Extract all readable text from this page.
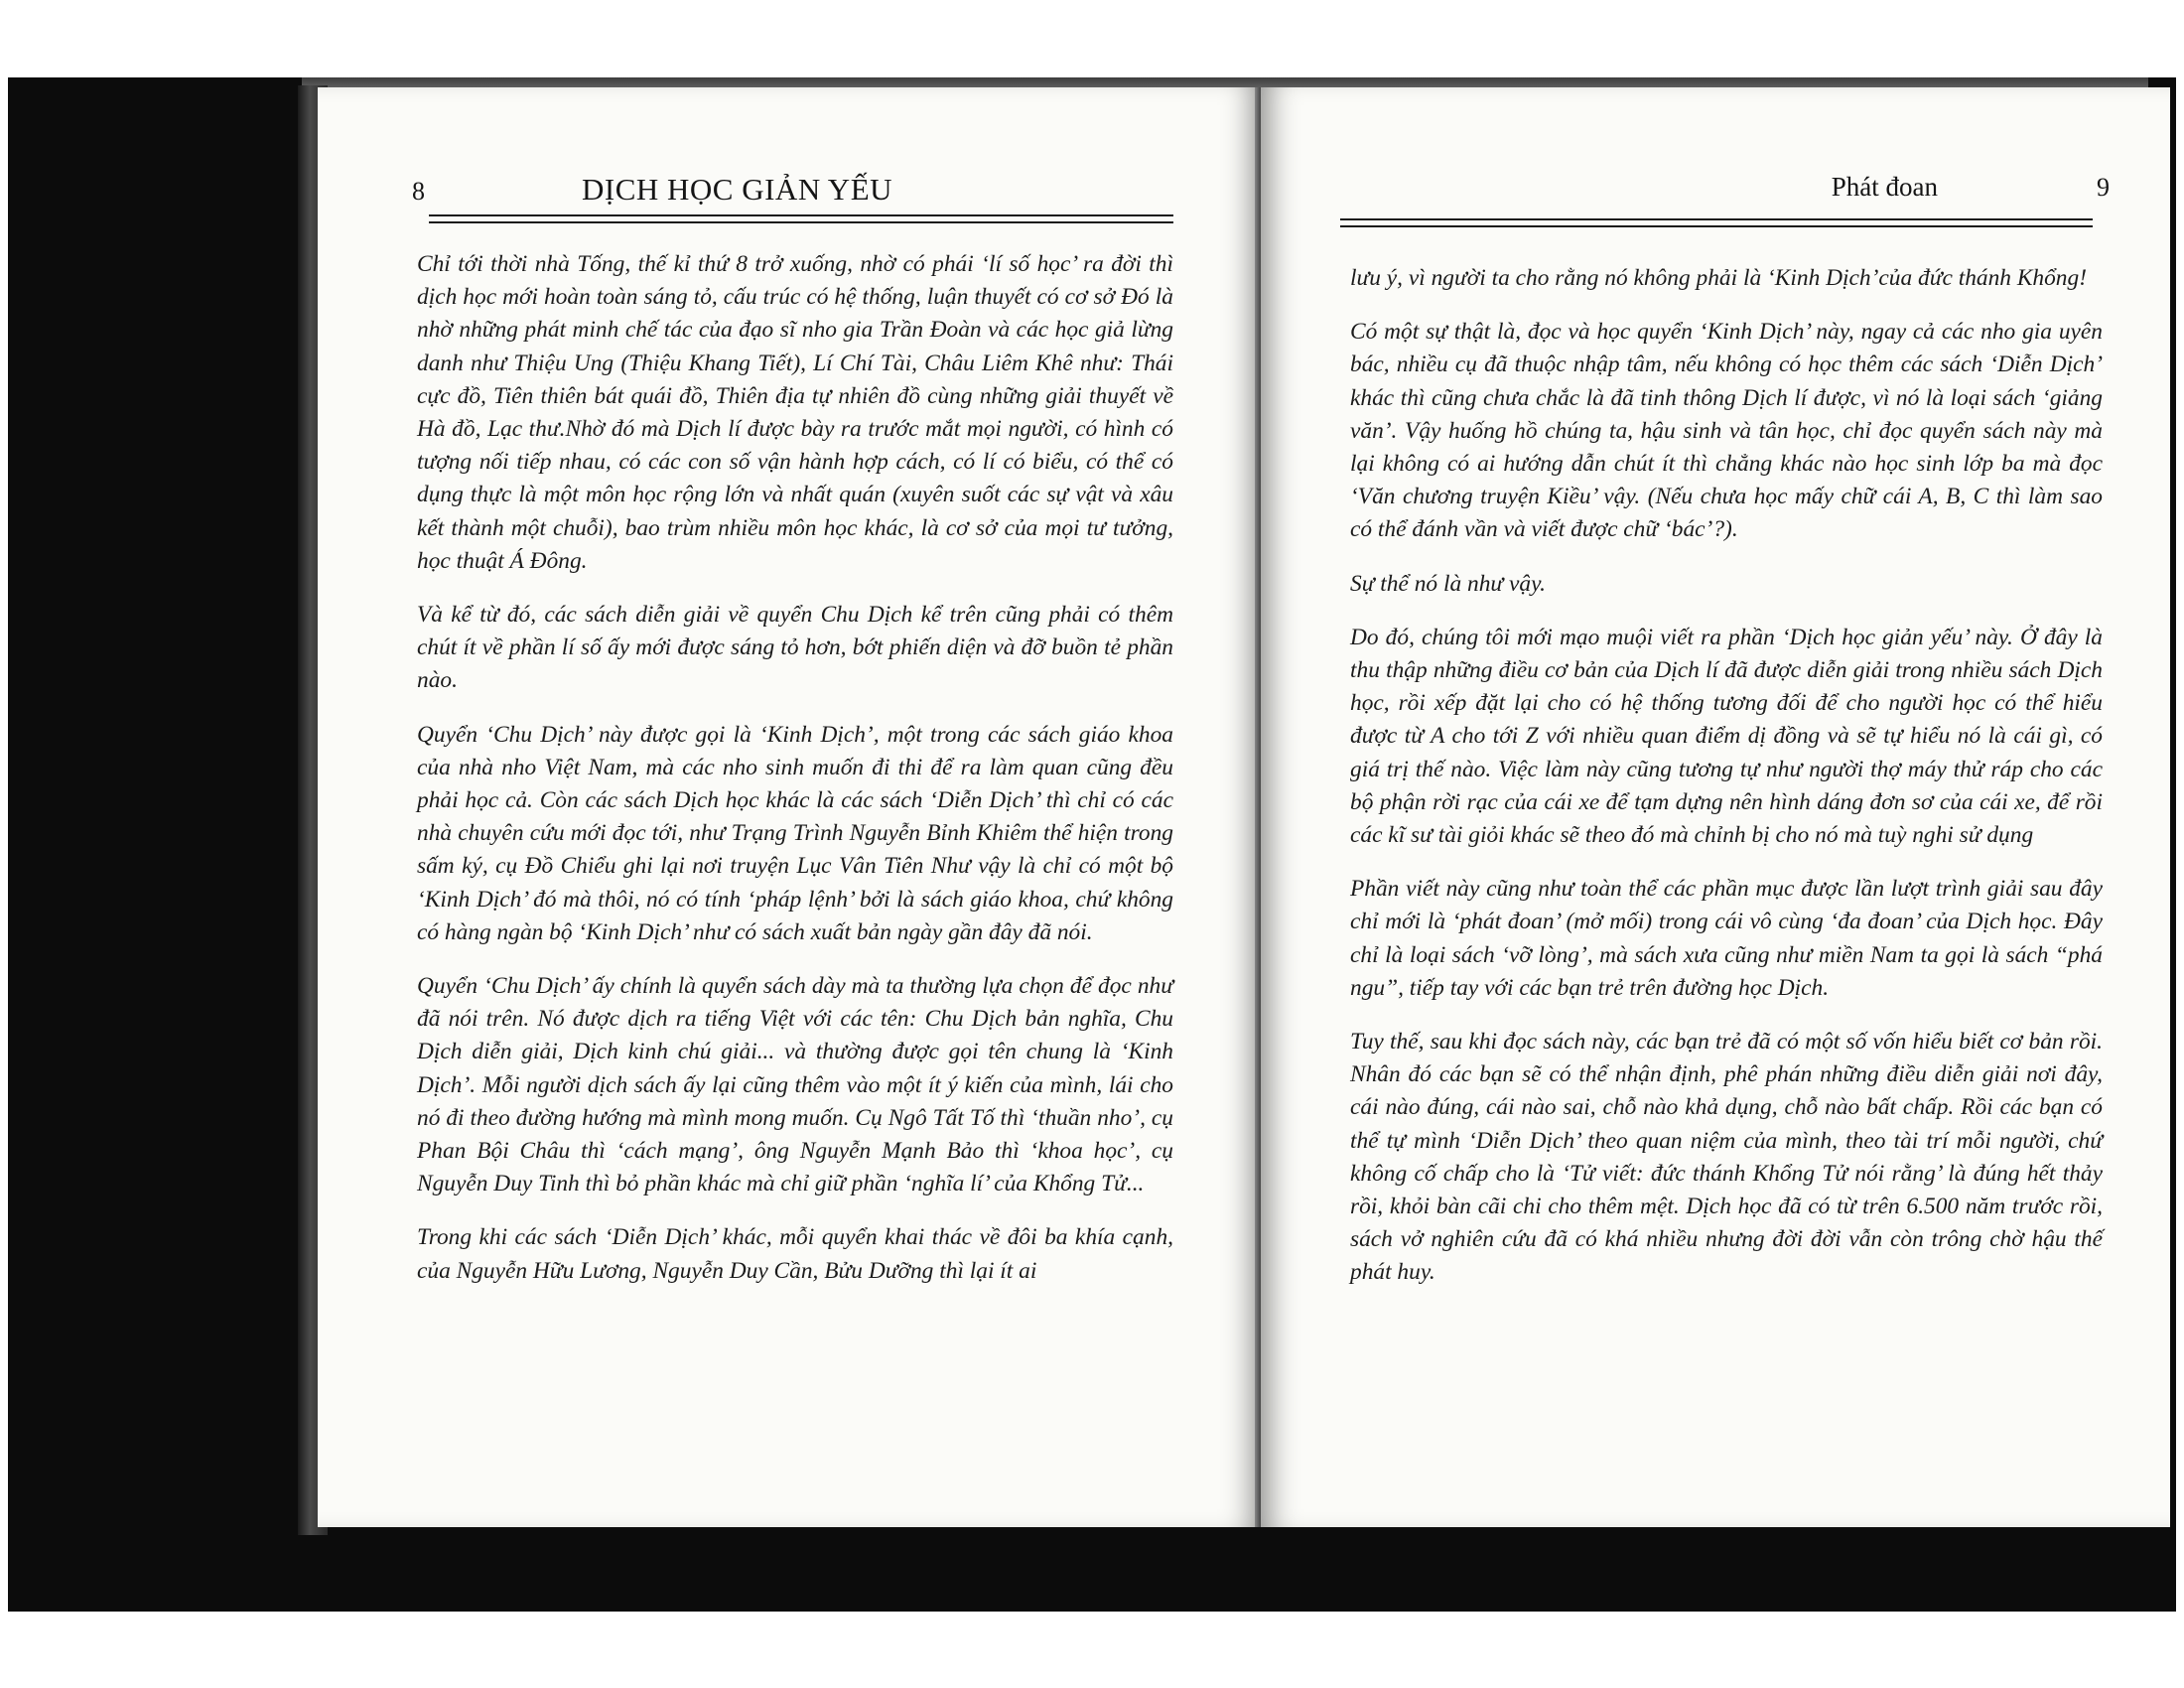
8	DỊCH HỌC GIẢN YẾU

Chỉ tới thời nhà Tống, thế kỉ thứ 8 trở xuống, nhờ có phái ‘lí số học’ ra đời thì dịch học mới hoàn toàn sáng tỏ, cấu trúc có hệ thống, luận thuyết có cơ sở Đó là nhờ những phát minh chế tác của đạo sĩ nho gia Trần Đoàn và các học giả lừng danh như Thiệu Ung (Thiệu Khang Tiết), Lí Chí Tài, Châu Liêm Khê như: Thái cực đồ, Tiên thiên bát quái đồ, Thiên địa tự nhiên đồ cùng những giải thuyết về Hà đồ, Lạc thư.Nhờ đó mà Dịch lí được bày ra trước mắt mọi người, có hình có tượng nối tiếp nhau, có các con số vận hành hợp cách, có lí có biểu, có thể có dụng thực là một môn học rộng lớn và nhất quán (xuyên suốt các sự vật và xâu kết thành một chuỗi), bao trùm nhiều môn học khác, là cơ sở của mọi tư tưởng, học thuật Á Đông.

Và kể từ đó, các sách diễn giải về quyển Chu Dịch kể trên cũng phải có thêm chút ít về phần lí số ấy mới được sáng tỏ hơn, bớt phiến diện và đỡ buồn tẻ phần nào.

Quyển ‘Chu Dịch’ này được gọi là ‘Kinh Dịch’, một trong các sách giáo khoa của nhà nho Việt Nam, mà các nho sinh muốn đi thi để ra làm quan cũng đều phải học cả. Còn các sách Dịch học khác là các sách ‘Diễn Dịch’ thì chỉ có các nhà chuyên cứu mới đọc tới, như Trạng Trình Nguyễn Bỉnh Khiêm thể hiện trong sấm ký, cụ Đồ Chiểu ghi lại nơi truyện Lục Vân Tiên Như vậy là chỉ có một bộ ‘Kinh Dịch’ đó mà thôi, nó có tính ‘pháp lệnh’ bởi là sách giáo khoa, chứ không có hàng ngàn bộ ‘Kinh Dịch’ như có sách xuất bản ngày gần đây đã nói.

Quyển ‘Chu Dịch’ ấy chính là quyển sách dày mà ta thường lựa chọn để đọc như đã nói trên. Nó được dịch ra tiếng Việt với các tên: Chu Dịch bản nghĩa, Chu Dịch diễn giải, Dịch kinh chú giải... và thường được gọi tên chung là ‘Kinh Dịch’. Mỗi người dịch sách ấy lại cũng thêm vào một ít ý kiến của mình, lái cho nó đi theo đường hướng mà mình mong muốn. Cụ Ngô Tất Tố thì ‘thuần nho’, cụ Phan Bội Châu thì ‘cách mạng’, ông Nguyễn Mạnh Bảo thì ‘khoa học’, cụ Nguyễn Duy Tinh thì bỏ phần khác mà chỉ giữ phần ‘nghĩa lí’ của Khổng Tử...

Trong khi các sách ‘Diễn Dịch’ khác, mỗi quyển khai thác về đôi ba khía cạnh, của Nguyễn Hữu Lương, Nguyễn Duy Cần, Bửu Dưỡng thì lại ít ai

Phát đoan	9

lưu ý, vì người ta cho rằng nó không phải là ‘Kinh Dịch’của đức thánh Khổng!

Có một sự thật là, đọc và học quyển ‘Kinh Dịch’ này, ngay cả các nho gia uyên bác, nhiều cụ đã thuộc nhập tâm, nếu không có học thêm các sách ‘Diễn Dịch’ khác thì cũng chưa chắc là đã tinh thông Dịch lí được, vì nó là loại sách ‘giảng văn’. Vậy huống hồ chúng ta, hậu sinh và tân học, chỉ đọc quyển sách này mà lại không có ai hướng dẫn chút ít thì chẳng khác nào học sinh lớp ba mà đọc ‘Văn chương truyện Kiều’ vậy. (Nếu chưa học mấy chữ cái A, B, C thì làm sao có thể đánh vần và viết được chữ ‘bác’?).

Sự thể nó là như vậy.

Do đó, chúng tôi mới mạo muội viết ra phần ‘Dịch học giản yếu’ này. Ở đây là thu thập những điều cơ bản của Dịch lí đã được diễn giải trong nhiều sách Dịch học, rồi xếp đặt lại cho có hệ thống tương đối để cho người học có thể hiểu được từ A cho tới Z với nhiều quan điểm dị đồng và sẽ tự hiểu nó là cái gì, có giá trị thế nào. Việc làm này cũng tương tự như người thợ máy thử ráp cho các bộ phận rời rạc của cái xe để tạm dựng nên hình dáng đơn sơ của cái xe, để rồi các kĩ sư tài giỏi khác sẽ theo đó mà chỉnh bị cho nó mà tuỳ nghi sử dụng

Phần viết này cũng như toàn thể các phần mục được lần lượt trình giải sau đây chỉ mới là ‘phát đoan’ (mở mối) trong cái vô cùng ‘đa đoan’ của Dịch học. Đây chỉ là loại sách ‘vỡ lòng’, mà sách xưa cũng như miền Nam ta gọi là sách “phá ngu”, tiếp tay với các bạn trẻ trên đường học Dịch.

Tuy thế, sau khi đọc sách này, các bạn trẻ đã có một số vốn hiểu biết cơ bản rồi. Nhân đó các bạn sẽ có thể nhận định, phê phán những điều diễn giải nơi đây, cái nào đúng, cái nào sai, chỗ nào khả dụng, chỗ nào bất chấp. Rồi các bạn có thể tự mình ‘Diễn Dịch’ theo quan niệm của mình, theo tài trí mỗi người, chứ không cố chấp cho là ‘Tử viết: đức thánh Khổng Tử nói rằng’ là đúng hết thảy rồi, khỏi bàn cãi chi cho thêm mệt. Dịch học đã có từ trên 6.500 năm trước rồi, sách vở nghiên cứu đã có khá nhiều nhưng đời đời vẫn còn trông chờ hậu thế phát huy.
